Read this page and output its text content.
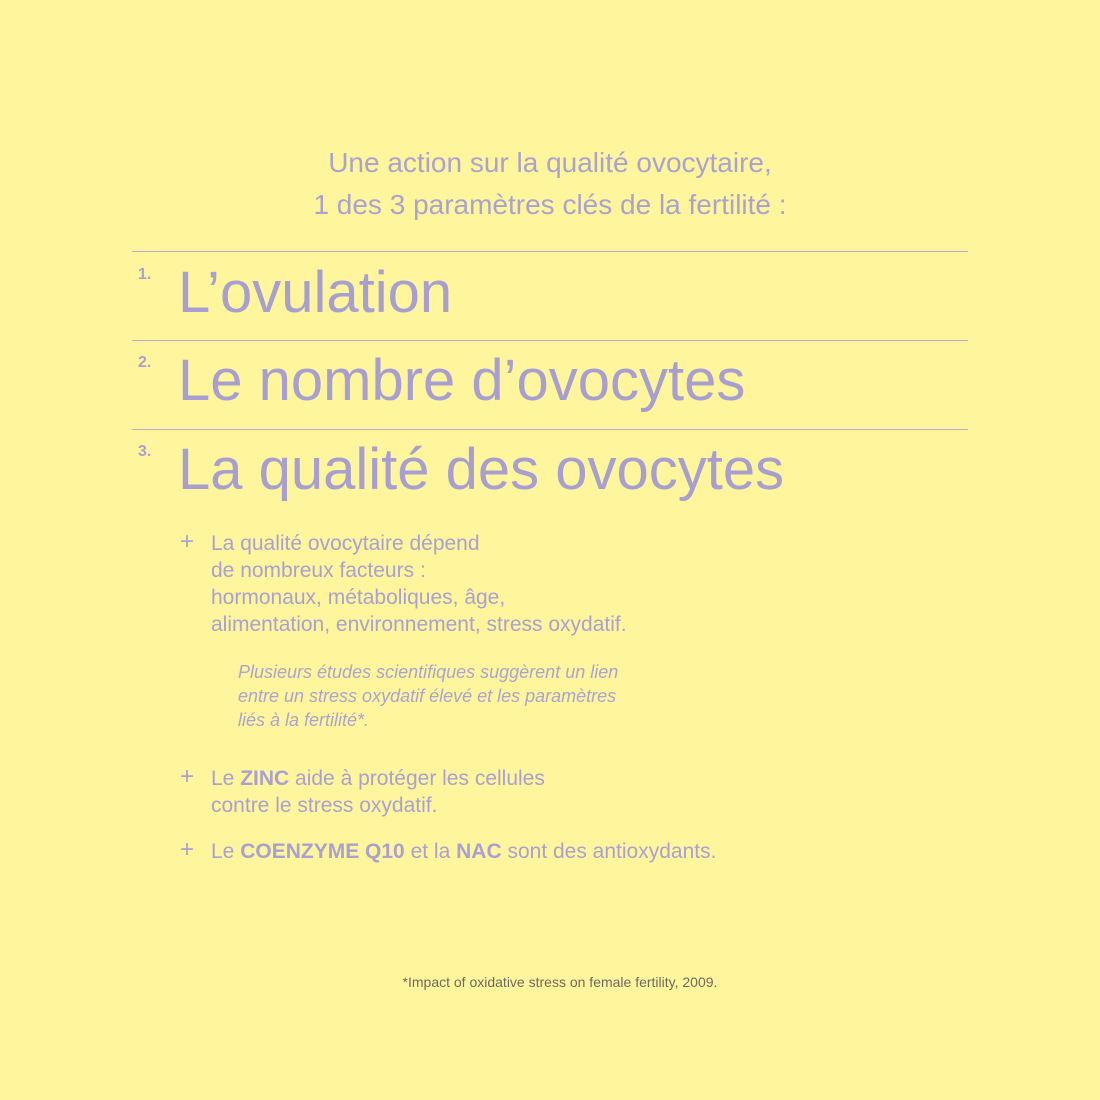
Une action sur la qualité ovocytaire,
1 des 3 paramètres clés de la fertilité :
1. L’ovulation
2. Le nombre d’ovocytes
3. La qualité des ovocytes
+ La qualité ovocytaire dépend
de nombreux facteurs :
hormonaux, métaboliques, âge,
alimentation, environnement, stress oxydatif.
Plusieurs études scientifiques suggèrent un lien
entre un stress oxydatif élevé et les paramètres
liés à la fertilité*.
+ Le ZINC aide à protéger les cellules
contre le stress oxydatif.
+ Le COENZYME Q10 et la NAC sont des antioxydants.
*Impact of oxidative stress on female fertility, 2009.
